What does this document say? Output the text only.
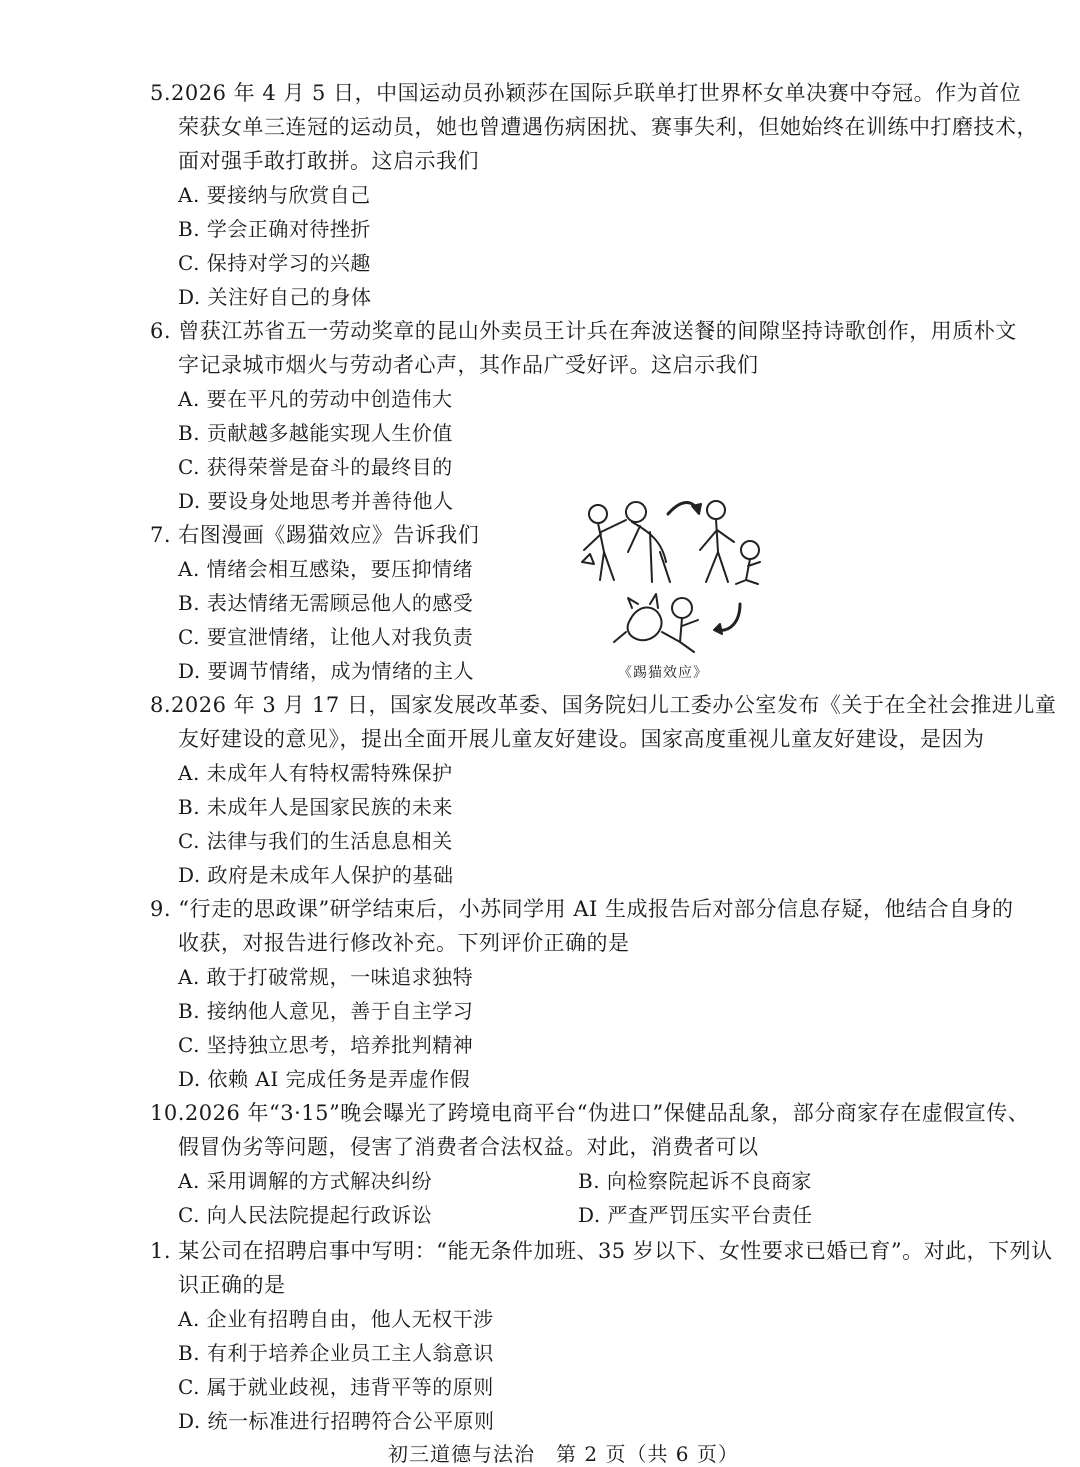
5.2026 年 4 月 5 日，中国运动员孙颖莎在国际乒联单打世界杯女单决赛中夺冠。作为首位
荣获女单三连冠的运动员，她也曾遭遇伤病困扰、赛事失利，但她始终在训练中打磨技术，
面对强手敢打敢拼。这启示我们
A. 要接纳与欣赏自己
B. 学会正确对待挫折
C. 保持对学习的兴趣
D. 关注好自己的身体
6. 曾获江苏省五一劳动奖章的昆山外卖员王计兵在奔波送餐的间隙坚持诗歌创作，用质朴文
字记录城市烟火与劳动者心声，其作品广受好评。这启示我们
A. 要在平凡的劳动中创造伟大
B. 贡献越多越能实现人生价值
C. 获得荣誉是奋斗的最终目的
D. 要设身处地思考并善待他人
7. 右图漫画《踢猫效应》告诉我们
A. 情绪会相互感染，要压抑情绪
B. 表达情绪无需顾忌他人的感受
C. 要宣泄情绪，让他人对我负责
D. 要调节情绪，成为情绪的主人	《踢猫效应》
8.2026 年 3 月 17 日，国家发展改革委、国务院妇儿工委办公室发布《关于在全社会推进儿童
友好建设的意见》，提出全面开展儿童友好建设。国家高度重视儿童友好建设，是因为
A. 未成年人有特权需特殊保护
B. 未成年人是国家民族的未来
C. 法律与我们的生活息息相关
D. 政府是未成年人保护的基础
9. “行走的思政课”研学结束后，小苏同学用 AI 生成报告后对部分信息存疑，他结合自身的
收获，对报告进行修改补充。下列评价正确的是
A. 敢于打破常规，一味追求独特
B. 接纳他人意见，善于自主学习
C. 坚持独立思考，培养批判精神
D. 依赖 AI 完成任务是弄虚作假
10.2026 年“3·15”晚会曝光了跨境电商平台“伪进口”保健品乱象，部分商家存在虚假宣传、
假冒伪劣等问题，侵害了消费者合法权益。对此，消费者可以
A. 采用调解的方式解决纠纷	B. 向检察院起诉不良商家
C. 向人民法院提起行政诉讼	D. 严查严罚压实平台责任
1. 某公司在招聘启事中写明：“能无条件加班、35 岁以下、女性要求已婚已育”。对此，下列认
识正确的是
A. 企业有招聘自由，他人无权干涉
B. 有利于培养企业员工主人翁意识
C. 属于就业歧视，违背平等的原则
D. 统一标准进行招聘符合公平原则
初三道德与法治　第 2 页（共 6 页）
